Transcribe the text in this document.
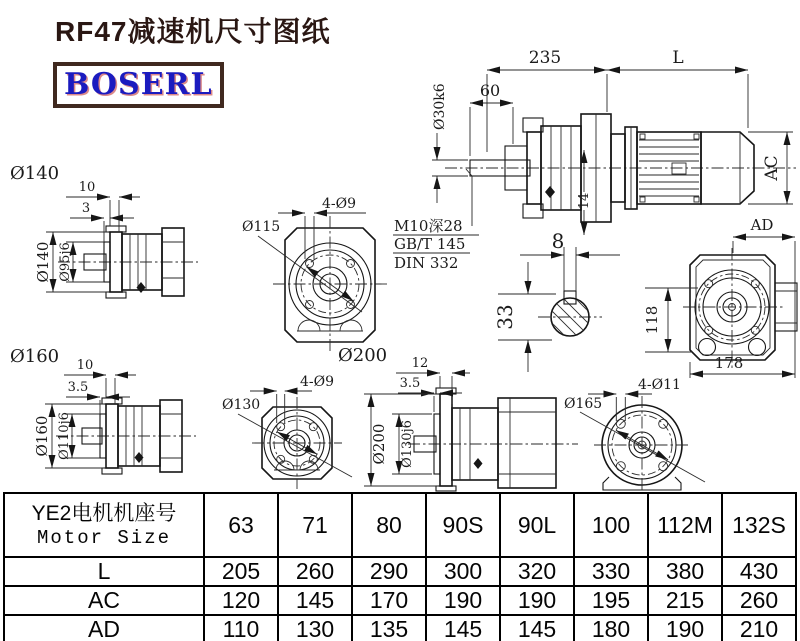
RF47减速机尺寸图纸
BOSERL
235	L
60
Ø30k6
14
AC
AD
M10深28
GB/T 145
DIN 332
8
33	118
178
Ø140
10
3
Ø140 Ø95j6
4-Ø9
Ø115
Ø160 10
3.5
Ø160 Ø110j6
4-Ø9
Ø130
Ø200 12
3.5
Ø200 Ø130j6
4-Ø11
Ø165
YE2电机机座号
Motor Size	63	71	80	90S	90L	100	112M	132S
L	205	260	290	300	320	330	380	430
AC	120	145	170	190	190	195	215	260
AD	110	130	135	145	145	180	190	210
